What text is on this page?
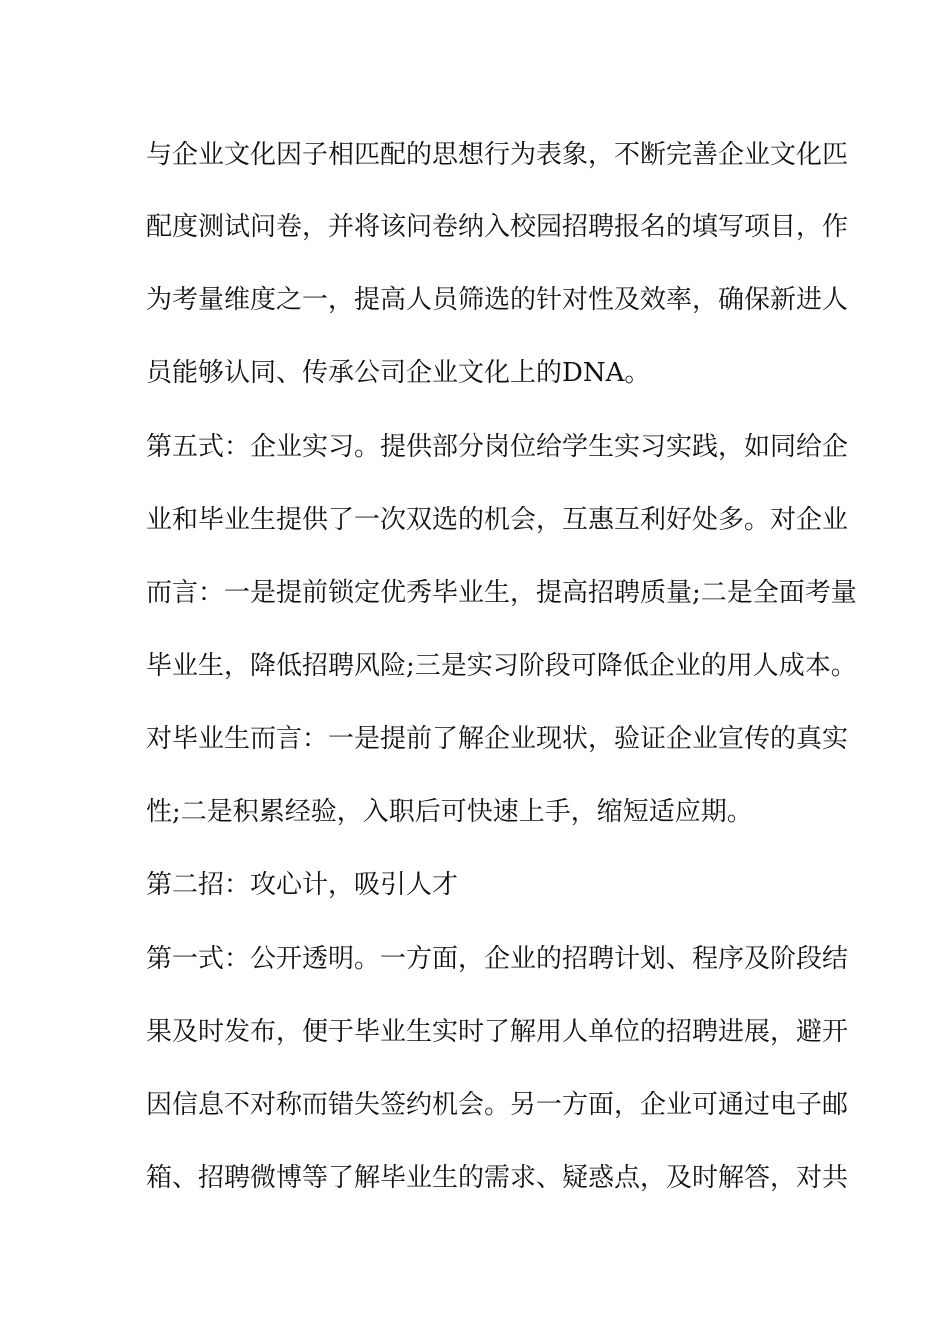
与企业文化因子相匹配的思想行为表象，不断完善企业文化匹
配度测试问卷，并将该问卷纳入校园招聘报名的填写项目，作
为考量维度之一，提高人员筛选的针对性及效率，确保新进人
员能够认同、传承公司企业文化上的DNA。
第五式：企业实习。提供部分岗位给学生实习实践，如同给企
业和毕业生提供了一次双选的机会，互惠互利好处多。对企业
而言：一是提前锁定优秀毕业生，提高招聘质量;二是全面考量
毕业生，降低招聘风险;三是实习阶段可降低企业的用人成本。
对毕业生而言：一是提前了解企业现状，验证企业宣传的真实
性;二是积累经验，入职后可快速上手，缩短适应期。
第二招：攻心计，吸引人才
第一式：公开透明。一方面，企业的招聘计划、程序及阶段结
果及时发布，便于毕业生实时了解用人单位的招聘进展，避开
因信息不对称而错失签约机会。另一方面，企业可通过电子邮
箱、招聘微博等了解毕业生的需求、疑惑点，及时解答，对共
